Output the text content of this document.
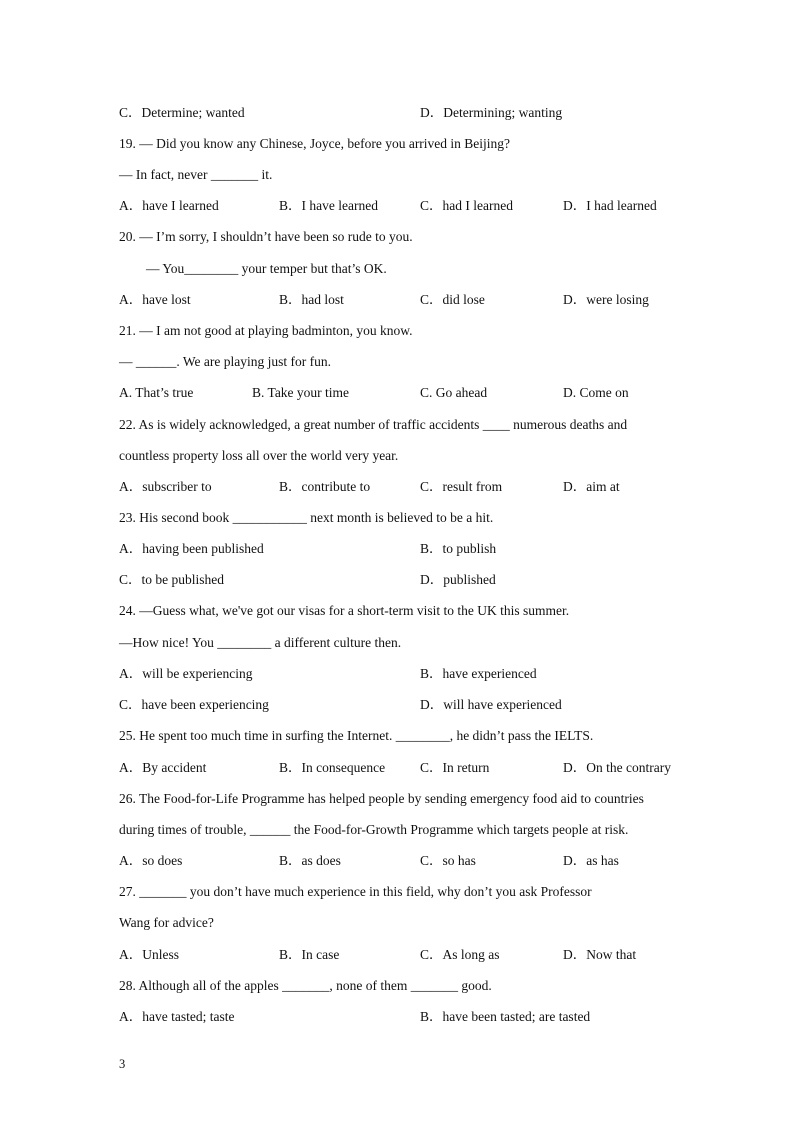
C．Determine; wanted	D．Determining; wanting
19. — Did you know any Chinese, Joyce, before you arrived in Beijing?
— In fact, never _______ it.
A．have I learned	B．I have learned	C．had I learned	D．I had learned
20. — I’m sorry, I shouldn’t have been so rude to you.
— You________ your temper but that’s OK.
A．have lost	B．had lost	C．did lose	D．were losing
21. — I am not good at playing badminton, you know.
— ______. We are playing just for fun.
A. That’s true	B. Take your time	C. Go ahead	D. Come on
22. As is widely acknowledged, a great number of traffic accidents ____ numerous deaths and
countless property loss all over the world very year.
A．subscriber to	B．contribute to	C．result from	D．aim at
23. His second book ___________ next month is believed to be a hit.
A．having been published	B．to publish
C．to be published	D．published
24. —Guess what, we've got our visas for a short-term visit to the UK this summer.
—How nice! You ________ a different culture then.
A．will be experiencing	B．have experienced
C．have been experiencing	D．will have experienced
25. He spent too much time in surfing the Internet. ________, he didn’t pass the IELTS.
A．By accident	B．In consequence	C．In return	D．On the contrary
26. The Food-for-Life Programme has helped people by sending emergency food aid to countries
during times of trouble, ______ the Food-for-Growth Programme which targets people at risk.
A．so does	B．as does	C．so has	D．as has
27. _______ you don’t have much experience in this field, why don’t you ask Professor
Wang for advice?
A．Unless	B．In case	C．As long as	D．Now that
28. Although all of the apples _______, none of them _______ good.
A．have tasted; taste	B．have been tasted; are tasted
3
